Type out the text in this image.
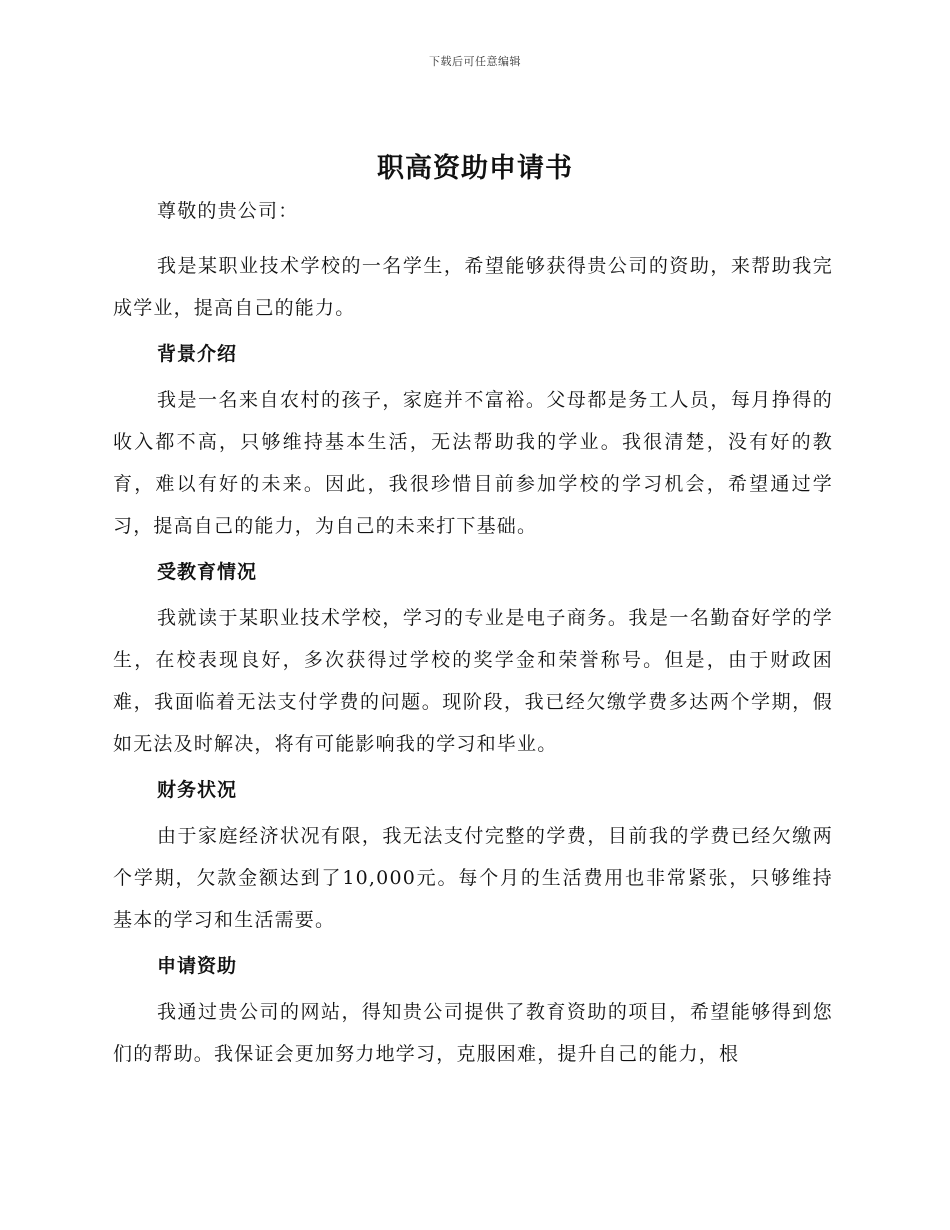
下载后可任意编辑
职高资助申请书

尊敬的贵公司：

我是某职业技术学校的一名学生，希望能够获得贵公司的资助，来帮助我完成学业，提高自己的能力。

背景介绍

我是一名来自农村的孩子，家庭并不富裕。父母都是务工人员，每月挣得的收入都不高，只够维持基本生活，无法帮助我的学业。我很清楚，没有好的教育，难以有好的未来。因此，我很珍惜目前参加学校的学习机会，希望通过学习，提高自己的能力，为自己的未来打下基础。

受教育情况

我就读于某职业技术学校，学习的专业是电子商务。我是一名勤奋好学的学生，在校表现良好，多次获得过学校的奖学金和荣誉称号。但是，由于财政困难，我面临着无法支付学费的问题。现阶段，我已经欠缴学费多达两个学期，假如无法及时解决，将有可能影响我的学习和毕业。

财务状况

由于家庭经济状况有限，我无法支付完整的学费，目前我的学费已经欠缴两个学期，欠款金额达到了10,000元。每个月的生活费用也非常紧张，只够维持基本的学习和生活需要。

申请资助

我通过贵公司的网站，得知贵公司提供了教育资助的项目，希望能够得到您们的帮助。我保证会更加努力地学习，克服困难，提升自己的能力，根
